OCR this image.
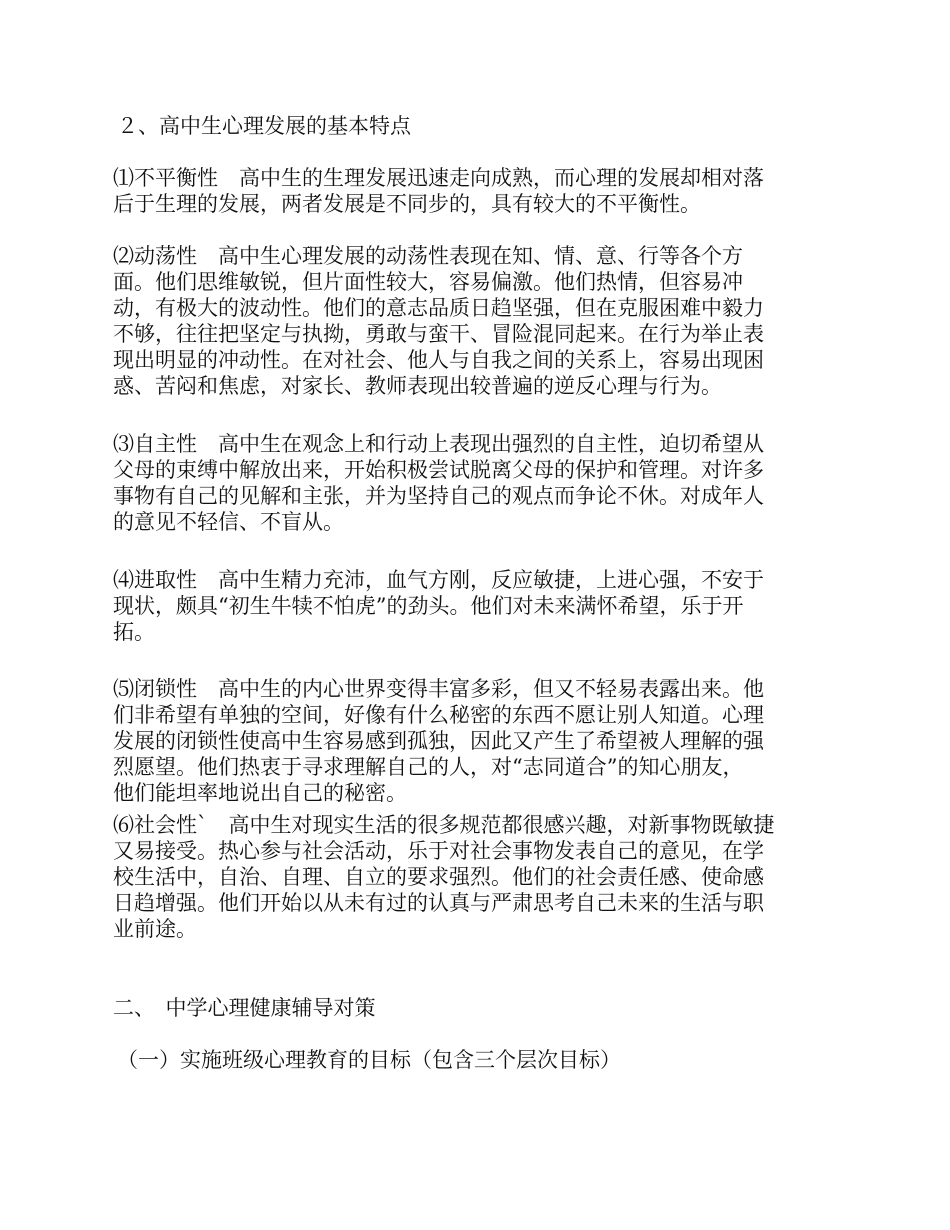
２、高中生心理发展的基本特点
⑴不平衡性　高中生的生理发展迅速走向成熟，而心理的发展却相对落
后于生理的发展，两者发展是不同步的，具有较大的不平衡性。
⑵动荡性　高中生心理发展的动荡性表现在知、情、意、行等各个方
面。他们思维敏锐，但片面性较大，容易偏激。他们热情，但容易冲
动，有极大的波动性。他们的意志品质日趋坚强，但在克服困难中毅力
不够，往往把坚定与执拗，勇敢与蛮干、冒险混同起来。在行为举止表
现出明显的冲动性。在对社会、他人与自我之间的关系上，容易出现困
惑、苦闷和焦虑，对家长、教师表现出较普遍的逆反心理与行为。
⑶自主性　高中生在观念上和行动上表现出强烈的自主性，迫切希望从
父母的束缚中解放出来，开始积极尝试脱离父母的保护和管理。对许多
事物有自己的见解和主张，并为坚持自己的观点而争论不休。对成年人
的意见不轻信、不盲从。
⑷进取性　高中生精力充沛，血气方刚，反应敏捷，上进心强，不安于
现状，颇具“初生牛犊不怕虎”的劲头。他们对未来满怀希望，乐于开
拓。
⑸闭锁性　高中生的内心世界变得丰富多彩，但又不轻易表露出来。他
们非希望有单独的空间，好像有什么秘密的东西不愿让别人知道。心理
发展的闭锁性使高中生容易感到孤独，因此又产生了希望被人理解的强
烈愿望。他们热衷于寻求理解自己的人，对“志同道合”的知心朋友，
他们能坦率地说出自己的秘密。
⑹社会性`　高中生对现实生活的很多规范都很感兴趣，对新事物既敏捷
又易接受。热心参与社会活动，乐于对社会事物发表自己的意见，在学
校生活中，自治、自理、自立的要求强烈。他们的社会责任感、使命感
日趋增强。他们开始以从未有过的认真与严肃思考自己未来的生活与职
业前途。
二、　中学心理健康辅导对策
（一）实施班级心理教育的目标（包含三个层次目标）
